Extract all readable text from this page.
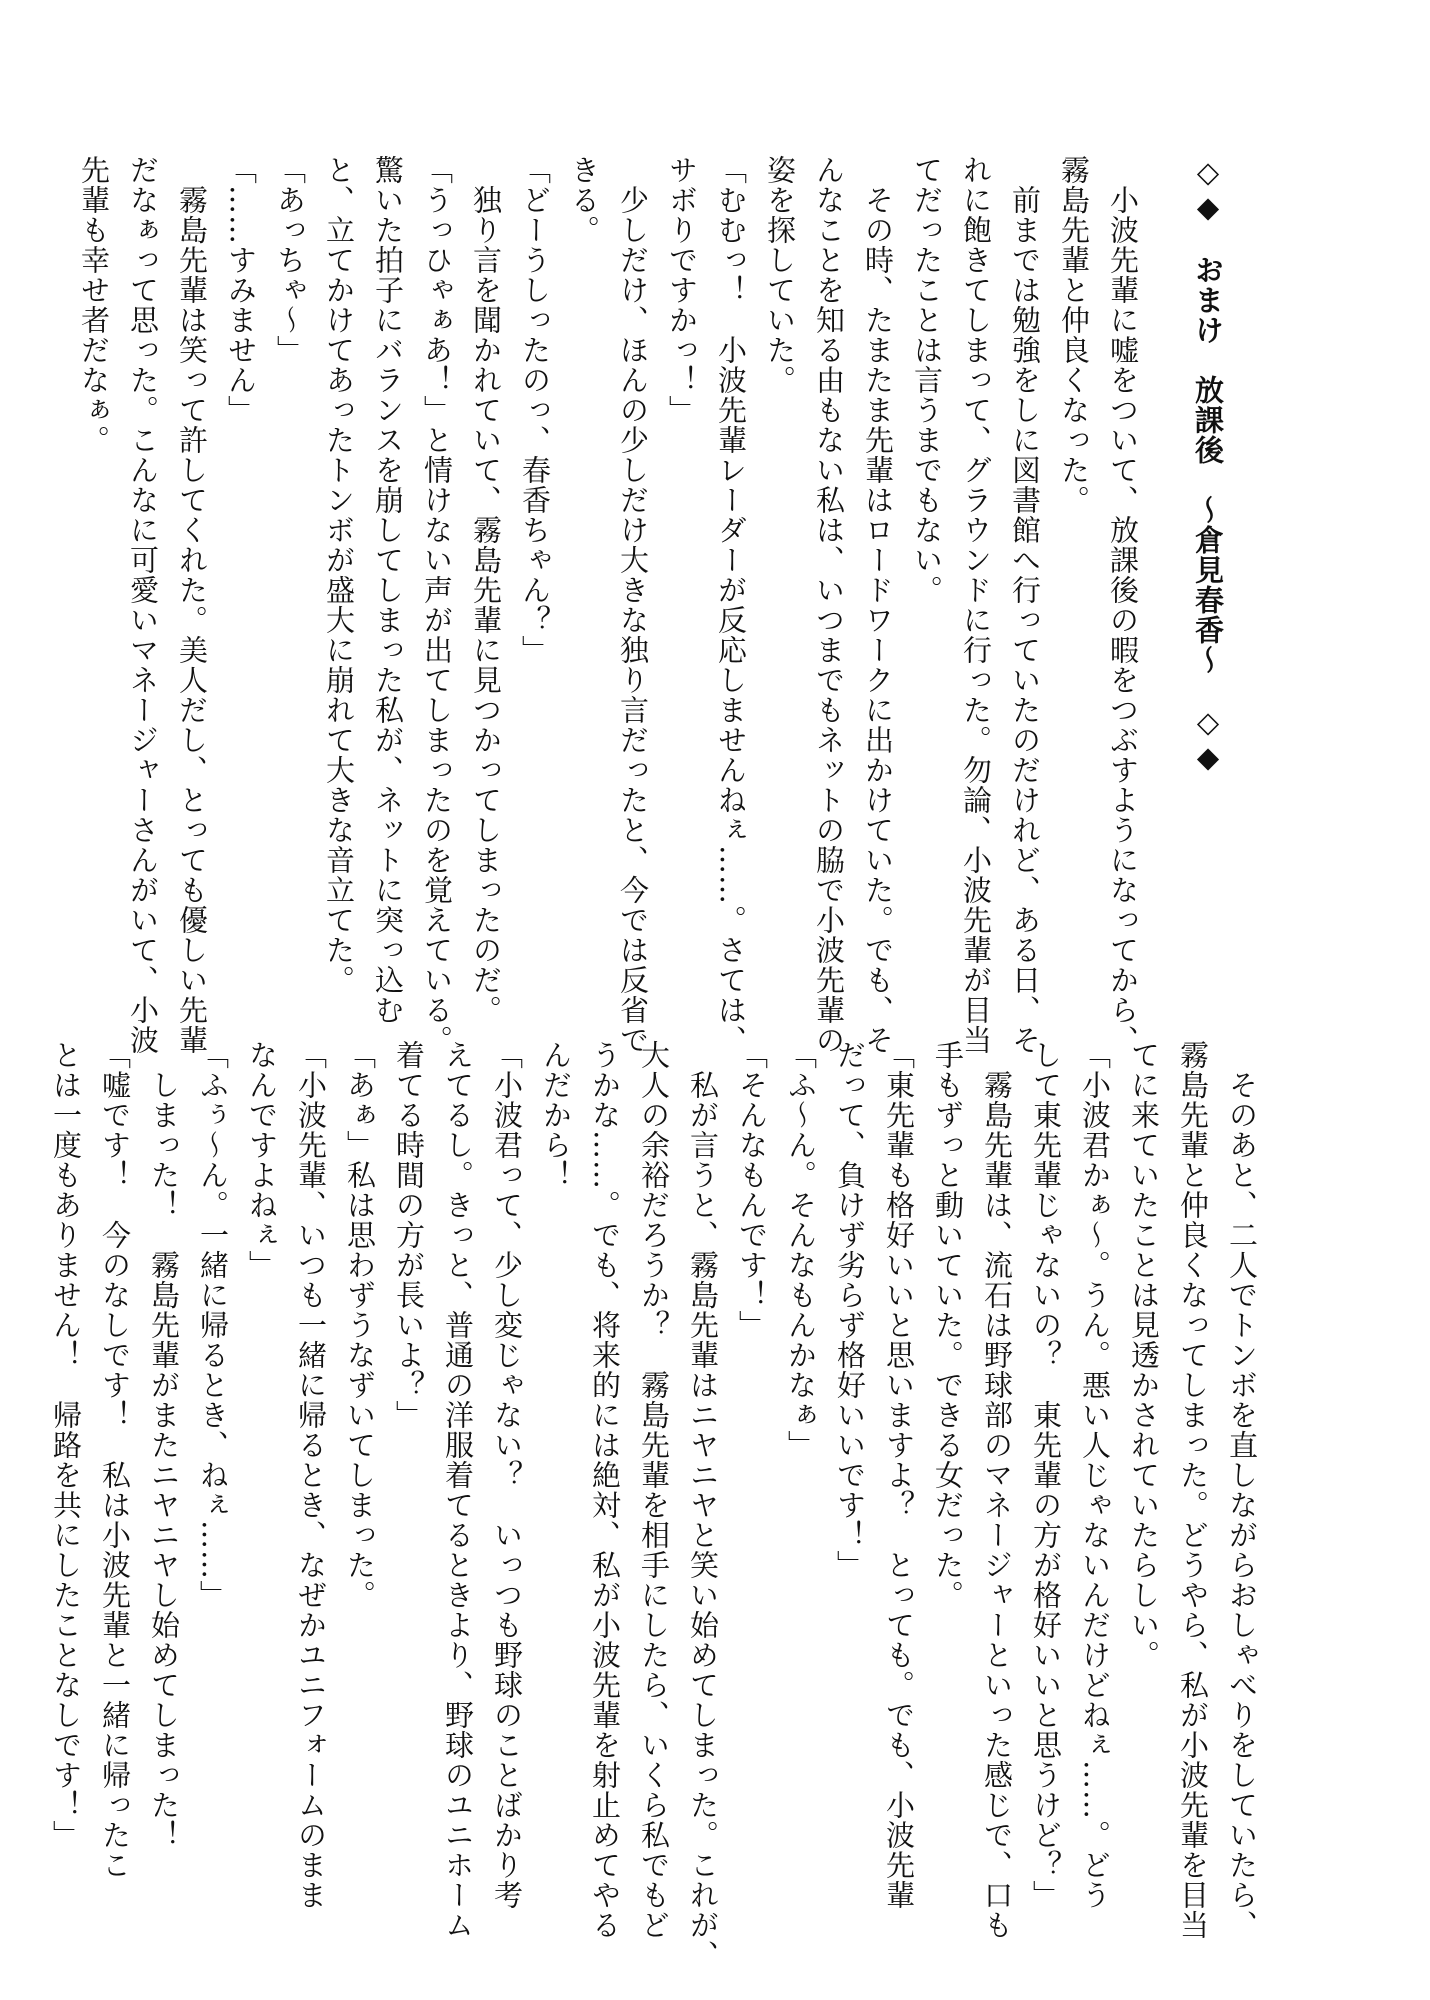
◇◆　おまけ　放課後　～倉見春香～　◇◆
　小波先輩に嘘をついて、放課後の暇をつぶすようになってから、
霧島先輩と仲良くなった。
　前までは勉強をしに図書館へ行っていたのだけれど、ある日、そ
れに飽きてしまって、グラウンドに行った。勿論、小波先輩が目当
てだったことは言うまでもない。
　その時、たまたま先輩はロードワークに出かけていた。でも、そ
んなことを知る由もない私は、いつまでもネットの脇で小波先輩の
姿を探していた。
「むむっ！　小波先輩レーダーが反応しませんねぇ……。さては、
サボりですかっ！」
　少しだけ、ほんの少しだけ大きな独り言だったと、今では反省で
きる。
「どーうしったのっ、春香ちゃん？」
　独り言を聞かれていて、霧島先輩に見つかってしまったのだ。
「うっひゃぁあ！」と情けない声が出てしまったのを覚えている。
驚いた拍子にバランスを崩してしまった私が、ネットに突っ込む
と、立てかけてあったトンボが盛大に崩れて大きな音立てた。
「あっちゃ～」
「……すみません」
　霧島先輩は笑って許してくれた。美人だし、とっても優しい先輩
だなぁって思った。こんなに可愛いマネージャーさんがいて、小波
先輩も幸せ者だなぁ。
　そのあと、二人でトンボを直しながらおしゃべりをしていたら、
霧島先輩と仲良くなってしまった。どうやら、私が小波先輩を目当
てに来ていたことは見透かされていたらしい。
「小波君かぁ～。うん。悪い人じゃないんだけどねぇ……。どう
して東先輩じゃないの？　東先輩の方が格好いいと思うけど？」
　霧島先輩は、流石は野球部のマネージャーといった感じで、口も
手もずっと動いていた。できる女だった。
「東先輩も格好いいと思いますよ？　とっても。でも、小波先輩
だって、負けず劣らず格好いいです！」
「ふ～ん。そんなもんかなぁ」
「そんなもんです！」
　私が言うと、霧島先輩はニヤニヤと笑い始めてしまった。これが、
大人の余裕だろうか？　霧島先輩を相手にしたら、いくら私でもど
うかな……。でも、将来的には絶対、私が小波先輩を射止めてやる
んだから！
「小波君って、少し変じゃない？　いっつも野球のことばかり考
えてるし。きっと、普通の洋服着てるときより、野球のユニホーム
着てる時間の方が長いよ？」
「あぁ」私は思わずうなずいてしまった。
「小波先輩、いつも一緒に帰るとき、なぜかユニフォームのまま
なんですよねぇ」
「ふぅ～ん。一緒に帰るとき、ねぇ……」
　しまった！　霧島先輩がまたニヤニヤし始めてしまった！
「嘘です！　今のなしです！　私は小波先輩と一緒に帰ったこ
とは一度もありません！　帰路を共にしたことなしです！」
